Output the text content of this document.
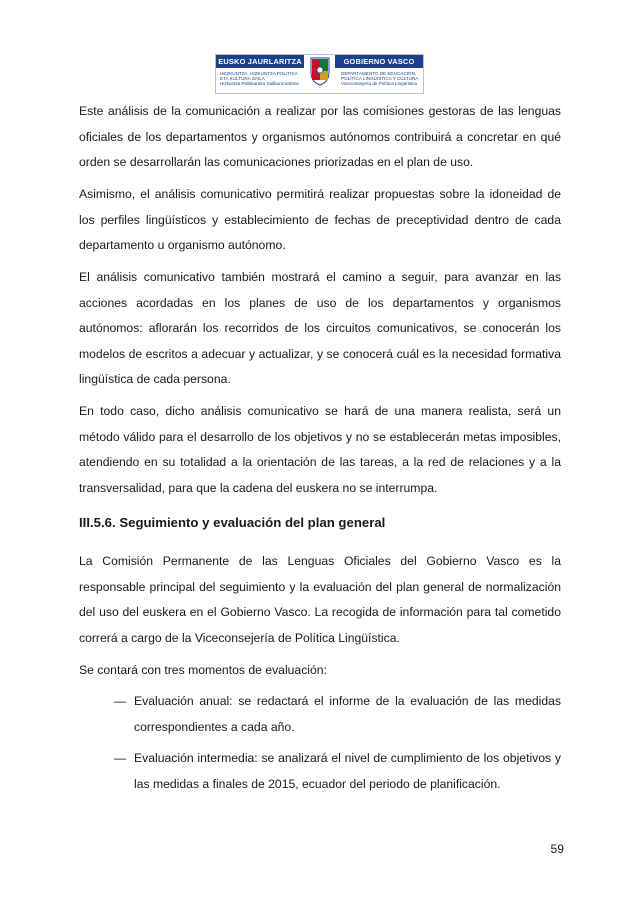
EUSKO JAURLARITZA	GOBIERNO VASCO
HEZKUNTZA, HIZKUNTZA POLITIKA
ETA KULTURA SAILA
Hizkuntza Politikarako Sailburuordetza
DEPARTAMENTO DE EDUCACIÓN,
POLÍTICA LINGÜÍSTICA Y CULTURA
Viceconsejería de Política Lingüística

Este análisis de la comunicación a realizar por las comisiones gestoras de las lenguas oficiales de los departamentos y organismos autónomos contribuirá a concretar en qué orden se desarrollarán las comunicaciones priorizadas en el plan de uso.

Asimismo, el análisis comunicativo permitirá realizar propuestas sobre la idoneidad de los perfiles lingüísticos y establecimiento de fechas de preceptividad dentro de cada departamento u organismo autónomo.

El análisis comunicativo también mostrará el camino a seguir, para avanzar en las acciones acordadas en los planes de uso de los departamentos y organismos autónomos: aflorarán los recorridos de los circuitos comunicativos, se conocerán los modelos de escritos a adecuar y actualizar, y se conocerá cuál es la necesidad formativa lingüística de cada persona.

En todo caso, dicho análisis comunicativo se hará de una manera realista, será un método válido para el desarrollo de los objetivos y no se establecerán metas imposibles, atendiendo en su totalidad a la orientación de las tareas, a la red de relaciones y a la transversalidad, para que la cadena del euskera no se interrumpa.

III.5.6. Seguimiento y evaluación del plan general

La Comisión Permanente de las Lenguas Oficiales del Gobierno Vasco es la responsable principal del seguimiento y la evaluación del plan general de normalización del uso del euskera en el Gobierno Vasco. La recogida de información para tal cometido correrá a cargo de la Viceconsejería de Política Lingüística.

Se contará con tres momentos de evaluación:

— Evaluación anual: se redactará el informe de la evaluación de las medidas correspondientes a cada año.
— Evaluación intermedia: se analizará el nivel de cumplimiento de los objetivos y las medidas a finales de 2015, ecuador del periodo de planificación.
59
